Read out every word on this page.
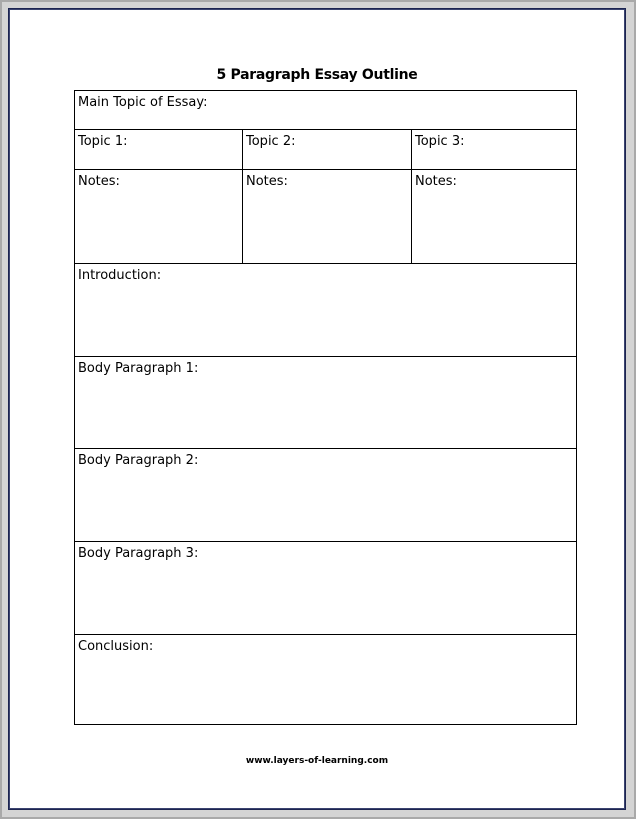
5 Paragraph Essay Outline
Main Topic of Essay:
Topic 1:	Topic 2:	Topic 3:
Notes:	Notes:	Notes:
Introduction:
Body Paragraph 1:
Body Paragraph 2:
Body Paragraph 3:
Conclusion:
www.layers-of-learning.com
